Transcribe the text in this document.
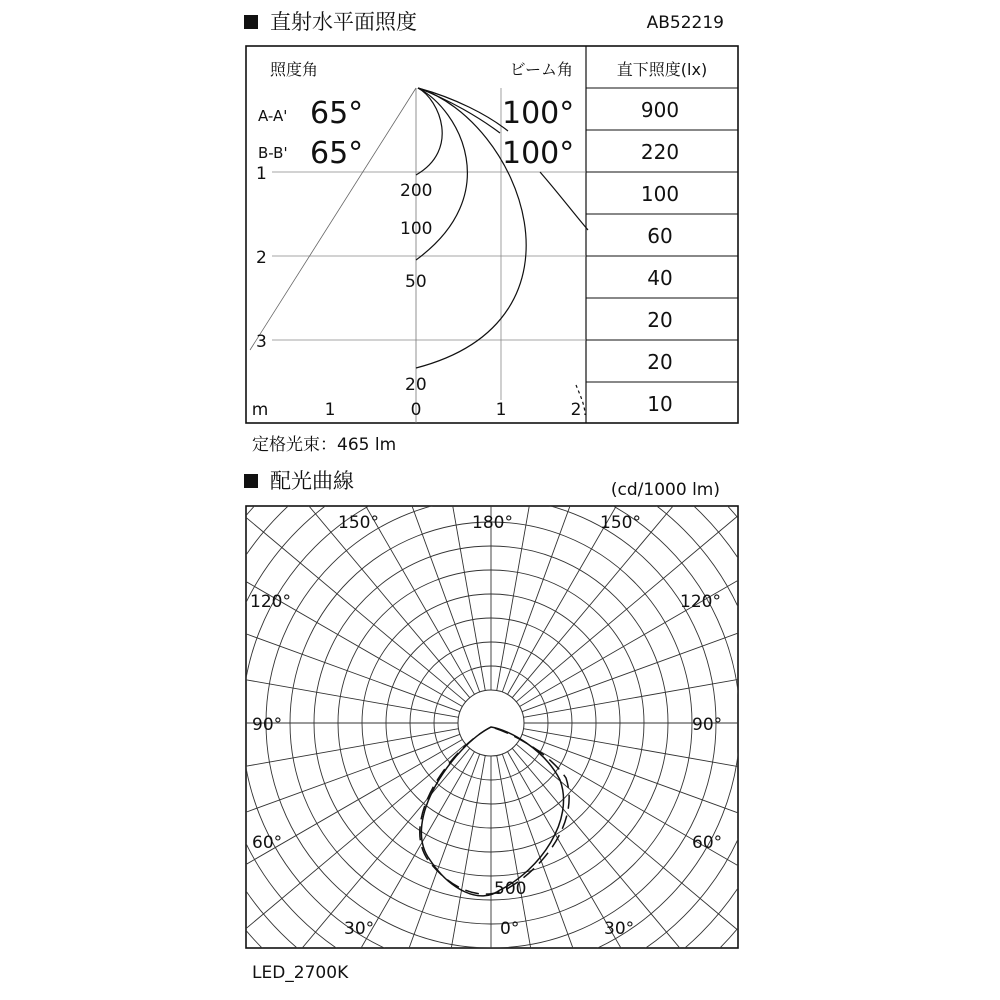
直射水平面照度	AB52219
照度角	ビーム角	直下照度(lx)
A-A' 65°	100°
B-B' 65°	100°
900
220
100
60
40
20
20
10
200
100
50
20
1
2
3
m	1	0	1	2
定格光束：465 lm
配光曲線	(cd/1000 lm)
150°	180°	150°
120°	120°
90°	90°
60°	60°
30°	0°	30°
500
LED_2700K
